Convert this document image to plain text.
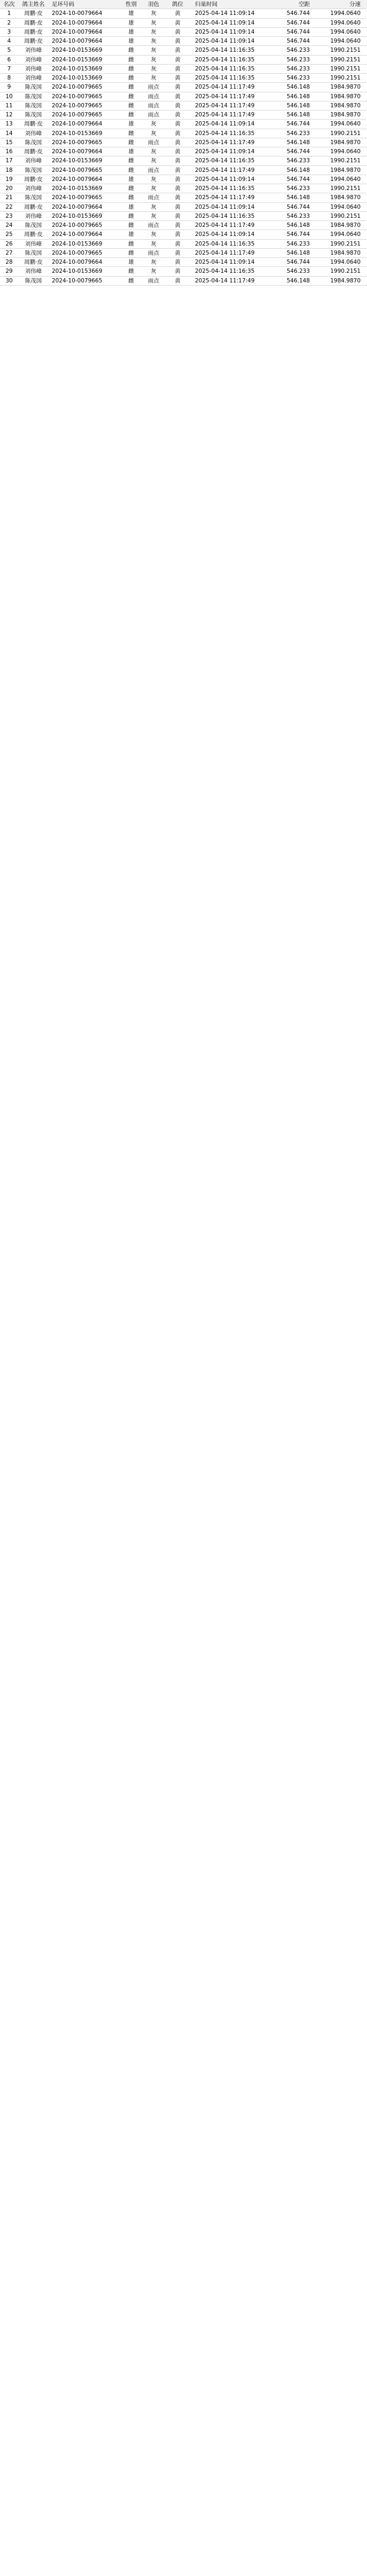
名次	鸽主姓名	足环号码	性别	羽色	鸽位	归巢时间	空距	分速
1	周鹏·皮	2024-10-0079664	雄	灰	黄	2025-04-14 11:09:14	546.744	1994.0640
2	周鹏·皮	2024-10-0079664	雄	灰	黄	2025-04-14 11:09:14	546.744	1994.0640
3	周鹏·皮	2024-10-0079664	雄	灰	黄	2025-04-14 11:09:14	546.744	1994.0640
4	周鹏·皮	2024-10-0079664	雄	灰	黄	2025-04-14 11:09:14	546.744	1994.0640
5	刘伟峰	2024-10-0153669	雌	灰	黄	2025-04-14 11:16:35	546.233	1990.2151
6	刘伟峰	2024-10-0153669	雌	灰	黄	2025-04-14 11:16:35	546.233	1990.2151
7	刘伟峰	2024-10-0153669	雌	灰	黄	2025-04-14 11:16:35	546.233	1990.2151
8	刘伟峰	2024-10-0153669	雌	灰	黄	2025-04-14 11:16:35	546.233	1990.2151
9	陈茂国	2024-10-0079665	雌	雨点	黄	2025-04-14 11:17:49	546.148	1984.9870
10	陈茂国	2024-10-0079665	雌	雨点	黄	2025-04-14 11:17:49	546.148	1984.9870
11	陈茂国	2024-10-0079665	雌	雨点	黄	2025-04-14 11:17:49	546.148	1984.9870
12	陈茂国	2024-10-0079665	雌	雨点	黄	2025-04-14 11:17:49	546.148	1984.9870
13	周鹏·皮	2024-10-0079664	雄	灰	黄	2025-04-14 11:09:14	546.744	1994.0640
14	刘伟峰	2024-10-0153669	雌	灰	黄	2025-04-14 11:16:35	546.233	1990.2151
15	陈茂国	2024-10-0079665	雌	雨点	黄	2025-04-14 11:17:49	546.148	1984.9870
16	周鹏·皮	2024-10-0079664	雄	灰	黄	2025-04-14 11:09:14	546.744	1994.0640
17	刘伟峰	2024-10-0153669	雌	灰	黄	2025-04-14 11:16:35	546.233	1990.2151
18	陈茂国	2024-10-0079665	雌	雨点	黄	2025-04-14 11:17:49	546.148	1984.9870
19	周鹏·皮	2024-10-0079664	雄	灰	黄	2025-04-14 11:09:14	546.744	1994.0640
20	刘伟峰	2024-10-0153669	雌	灰	黄	2025-04-14 11:16:35	546.233	1990.2151
21	陈茂国	2024-10-0079665	雌	雨点	黄	2025-04-14 11:17:49	546.148	1984.9870
22	周鹏·皮	2024-10-0079664	雄	灰	黄	2025-04-14 11:09:14	546.744	1994.0640
23	刘伟峰	2024-10-0153669	雌	灰	黄	2025-04-14 11:16:35	546.233	1990.2151
24	陈茂国	2024-10-0079665	雌	雨点	黄	2025-04-14 11:17:49	546.148	1984.9870
25	周鹏·皮	2024-10-0079664	雄	灰	黄	2025-04-14 11:09:14	546.744	1994.0640
26	刘伟峰	2024-10-0153669	雌	灰	黄	2025-04-14 11:16:35	546.233	1990.2151
27	陈茂国	2024-10-0079665	雌	雨点	黄	2025-04-14 11:17:49	546.148	1984.9870
28	周鹏·皮	2024-10-0079664	雄	灰	黄	2025-04-14 11:09:14	546.744	1994.0640
29	刘伟峰	2024-10-0153669	雌	灰	黄	2025-04-14 11:16:35	546.233	1990.2151
30	陈茂国	2024-10-0079665	雌	雨点	黄	2025-04-14 11:17:49	546.148	1984.9870
